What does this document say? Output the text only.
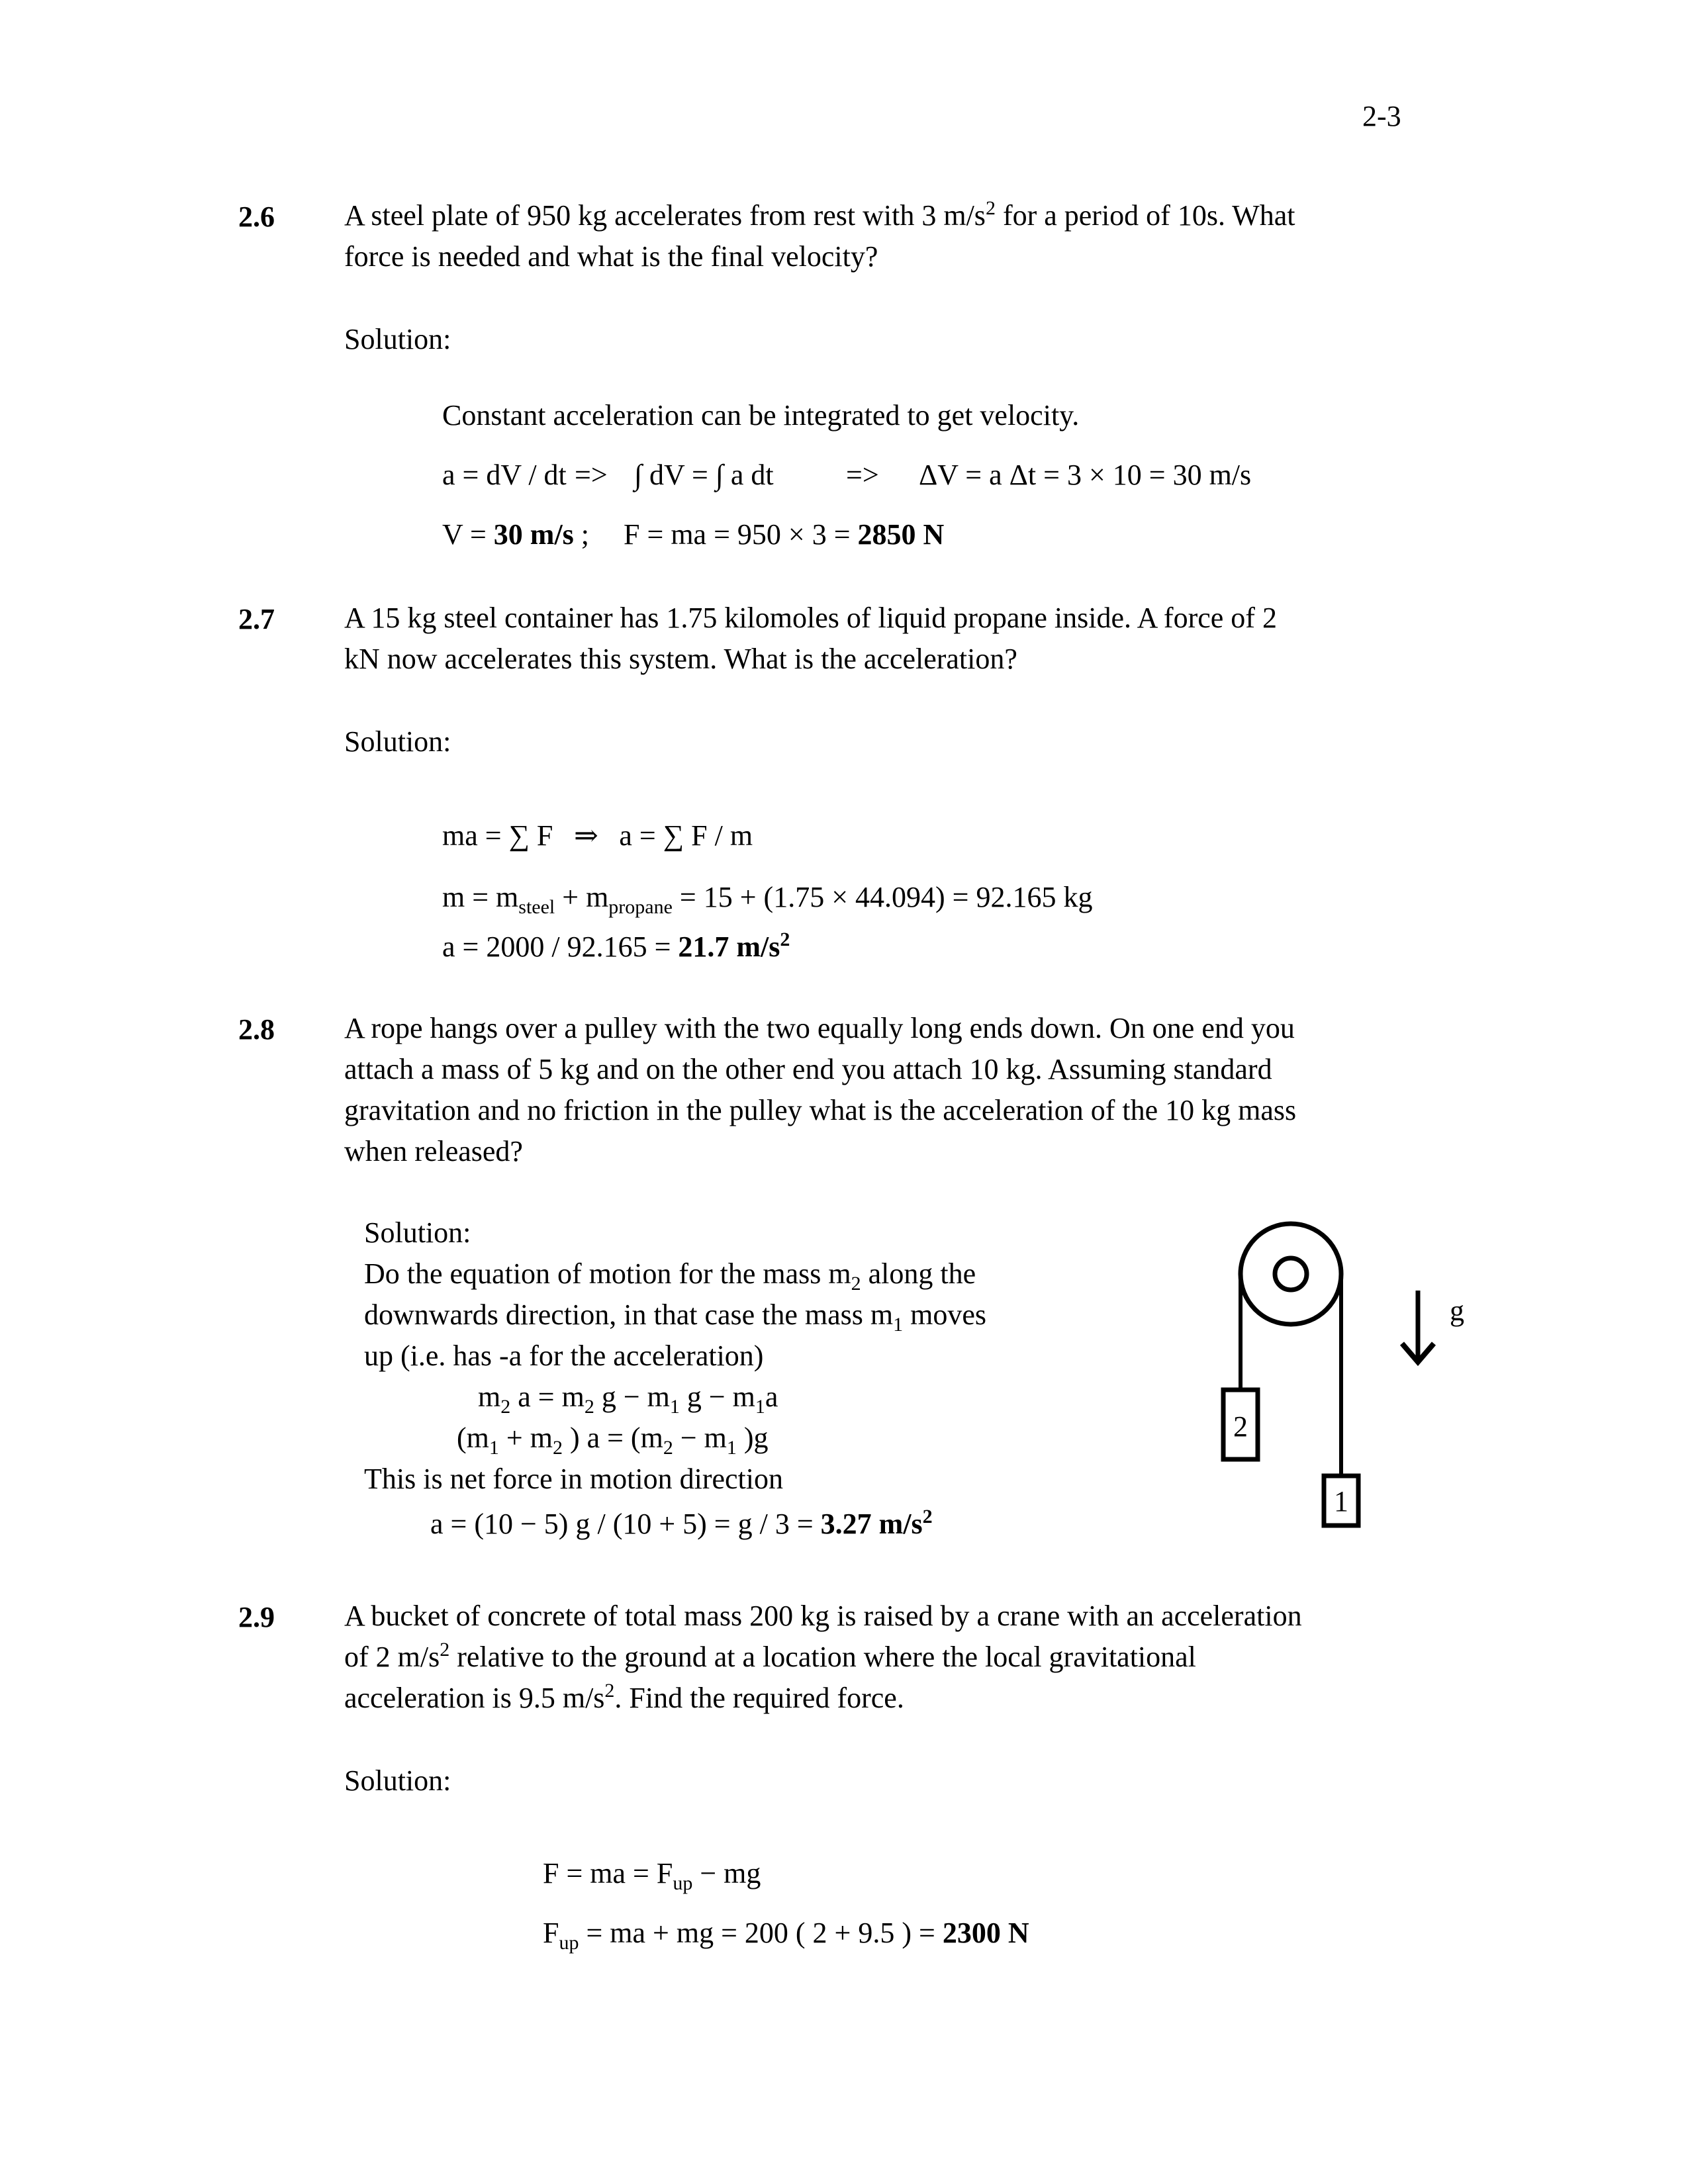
2-3
2.6 A steel plate of 950 kg accelerates from rest with 3 $m/s^2$ for a period of 10s. What
force is needed and what is the final velocity?
Solution:
Constant acceleration can be integrated to get velocity.
a = dV / dt => ∫ dV = ∫ a dt => ΔV = a Δt = 3 × 10 = 30 m/s
V = 30 m/s ; F = ma = 950 × 3 = 2850 N
2.7 A 15 kg steel container has 1.75 kilomoles of liquid propane inside. A force of 2
kN now accelerates this system. What is the acceleration?
Solution:
ma = ∑ F ⇒ a = ∑ F / m
$m = m_{steel} + m_{propane} = 15 + (1.75 \times 44.094) = 92.165$ kg
a = 2000 / 92.165 = 21.7 $m/s^2$
2.8 A rope hangs over a pulley with the two equally long ends down. On one end you
attach a mass of 5 kg and on the other end you attach 10 kg. Assuming standard
gravitation and no friction in the pulley what is the acceleration of the 10 kg mass
when released?
Solution:
Do the equation of motion for the mass $m_2$ along the
downwards direction, in that case the mass $m_1$ moves
up (i.e. has -a for the acceleration)
$m_2$ $a = m_2$ $g - m_1$ $g - m_1a$
($m_1 + m_2$ ) $a = (m_2 - m_1$ )g
This is net force in motion direction
a = (10 − 5) g / (10 + 5) = g / 3 = 3.27 $m/s^2$
2
1
g
2.9 A bucket of concrete of total mass 200 kg is raised by a crane with an acceleration
of 2 $m/s^2$ relative to the ground at a location where the local gravitational
acceleration is 9.5 $m/s^2$. Find the required force.
Solution:
F = ma = $F_{up}$ − mg
$F_{up}$ = ma + mg = 200 ( 2 + 9.5 ) = 2300 N
